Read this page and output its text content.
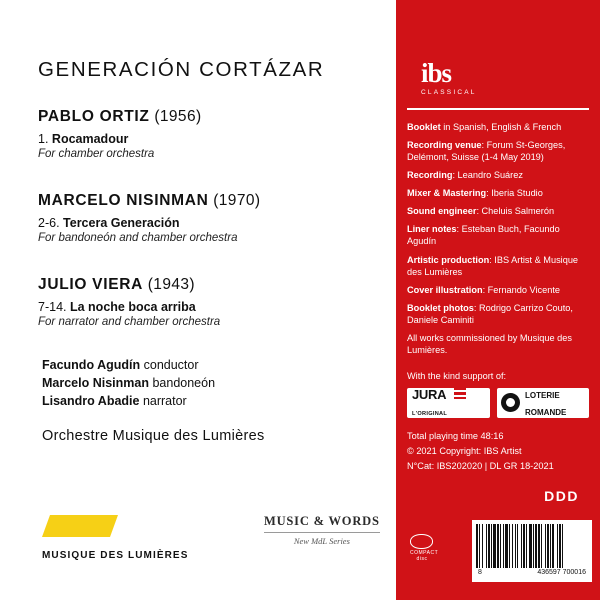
GENERACIÓN CORTÁZAR
PABLO ORTIZ (1956)
1. Rocamadour
For chamber orchestra
MARCELO NISINMAN (1970)
2-6. Tercera Generación
For bandoneón and chamber orchestra
JULIO VIERA (1943)
7-14. La noche boca arriba
For narrator and chamber orchestra
Facundo Agudín conductor
Marcelo Nisinman bandoneón
Lisandro Abadie narrator
Orchestre Musique des Lumières
MUSIQUE DES LUMIÈRES
MUSIC & WORDS
New MdL Series
ibs
CLASSICAL

Booklet in Spanish, English & French

Recording venue: Forum St-Georges, Delémont, Suisse (1-4 May 2019)

Recording: Leandro Suárez

Mixer & Mastering: Iberia Studio

Sound engineer: Cheluis Salmerón

Liner notes: Esteban Buch, Facundo Agudín

Artistic production: IBS Artist & Musique des Lumières

Cover illustration: Fernando Vicente

Booklet photos: Rodrigo Carrizo Couto, Daniele Caminiti

All works commissioned by Musique des Lumières.

With the kind support of:
JURA

L'ORIGINAL
LOTERIE
ROMANDE

Total playing time 48:16

© 2021 Copyright: IBS Artist

N°Cat: IBS202020 | DL GR 18-2021

DDD
COMPACT disc
8	436597 700016
